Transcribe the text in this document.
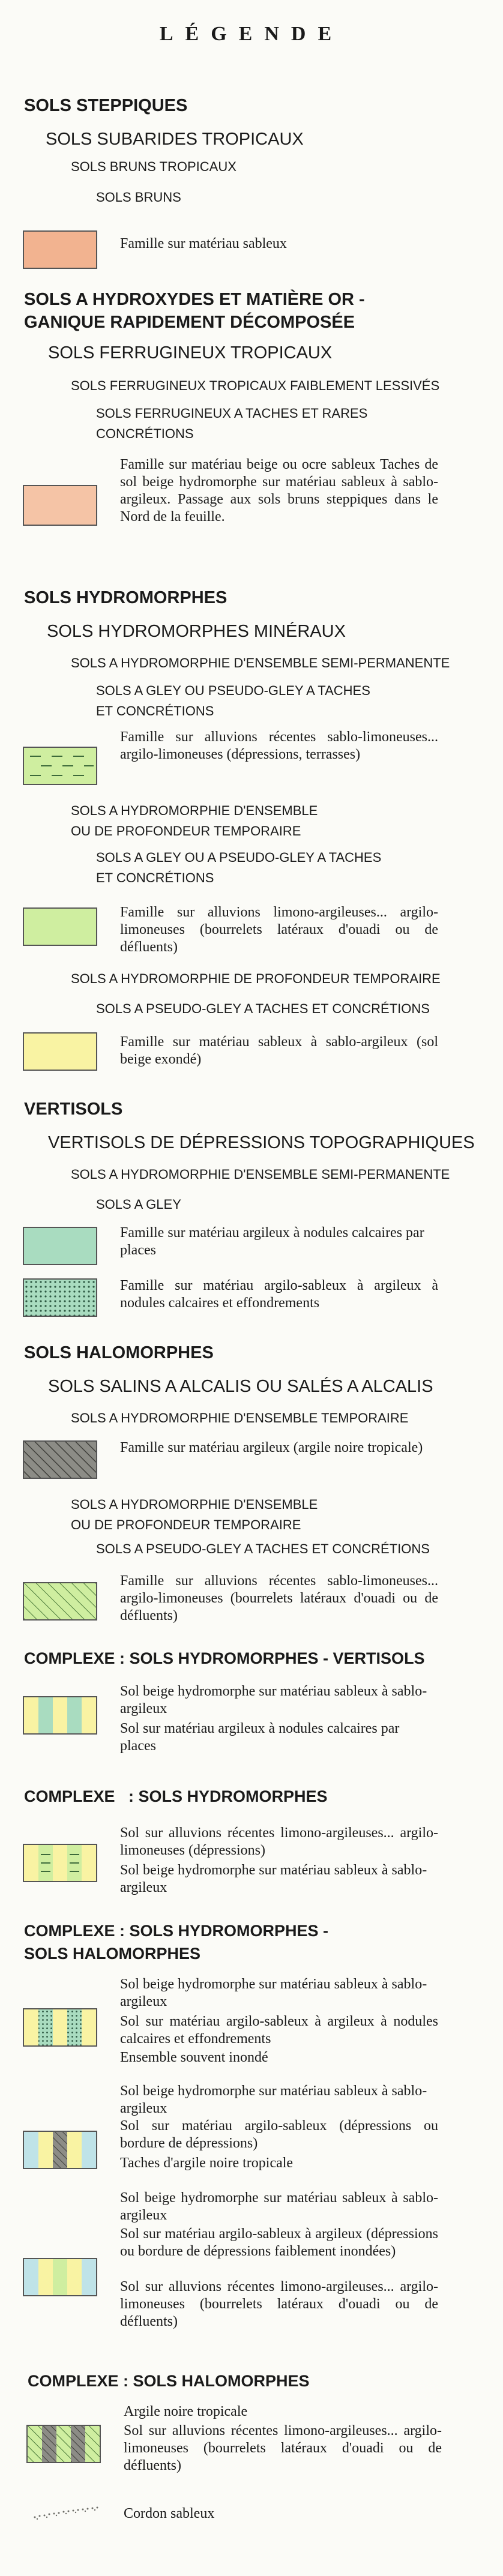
LÉGENDE
SOLS STEPPIQUES
SOLS SUBARIDES TROPICAUX
SOLS BRUNS TROPICAUX
SOLS BRUNS
Famille sur matériau sableux
SOLS A HYDROXYDES ET MATIÈRE OR -
GANIQUE RAPIDEMENT DÉCOMPOSÉE
SOLS FERRUGINEUX TROPICAUX
SOLS FERRUGINEUX TROPICAUX FAIBLEMENT LESSIVÉS
SOLS FERRUGINEUX A TACHES ET RARES
CONCRÉTIONS
Famille sur matériau beige ou ocre sableux Taches de sol beige hydromorphe sur matériau sableux à sablo-argileux. Passage aux sols bruns steppiques dans le Nord de la feuille.
SOLS HYDROMORPHES
SOLS HYDROMORPHES MINÉRAUX
SOLS A HYDROMORPHIE D'ENSEMBLE SEMI-PERMANENTE
SOLS A GLEY OU PSEUDO-GLEY A TACHES
ET CONCRÉTIONS
Famille sur alluvions récentes sablo-limoneuses... argilo-limoneuses (dépressions, terrasses)
SOLS A HYDROMORPHIE D'ENSEMBLE
OU DE PROFONDEUR TEMPORAIRE
SOLS A GLEY OU A PSEUDO-GLEY A TACHES
ET CONCRÉTIONS
Famille sur alluvions limono-argileuses... argilo-limoneuses (bourrelets latéraux d'ouadi ou de défluents)
SOLS A HYDROMORPHIE DE PROFONDEUR TEMPORAIRE
SOLS A PSEUDO-GLEY A TACHES ET CONCRÉTIONS
Famille sur matériau sableux à sablo-argileux (sol beige exondé)
VERTISOLS
VERTISOLS DE DÉPRESSIONS TOPOGRAPHIQUES
SOLS A HYDROMORPHIE D'ENSEMBLE SEMI-PERMANENTE
SOLS A GLEY
Famille sur matériau argileux à nodules calcaires par places
Famille sur matériau argilo-sableux à argileux à nodules calcaires et effondrements
SOLS HALOMORPHES
SOLS SALINS A ALCALIS OU SALÉS A ALCALIS
SOLS A HYDROMORPHIE D'ENSEMBLE TEMPORAIRE
Famille sur matériau argileux (argile noire tropicale)
SOLS A HYDROMORPHIE D'ENSEMBLE
OU DE PROFONDEUR TEMPORAIRE
SOLS A PSEUDO-GLEY A TACHES ET CONCRÉTIONS
Famille sur alluvions récentes sablo-limoneuses... argilo-limoneuses (bourrelets latéraux d'ouadi ou de défluents)
COMPLEXE : SOLS HYDROMORPHES - VERTISOLS
Sol beige hydromorphe sur matériau sableux à sablo-argileux
Sol sur matériau argileux à nodules calcaires par places
COMPLEXE   : SOLS HYDROMORPHES
Sol sur alluvions récentes limono-argileuses... argilo-limoneuses (dépressions)
Sol beige hydromorphe sur matériau sableux à sablo-argileux
COMPLEXE : SOLS HYDROMORPHES -
SOLS HALOMORPHES
Sol beige hydromorphe sur matériau sableux à sablo-argileux
Sol sur matériau argilo-sableux à argileux à nodules calcaires et effondrements
Ensemble souvent inondé
Sol beige hydromorphe sur matériau sableux à sablo-argileux
Sol sur matériau argilo-sableux (dépressions ou bordure de dépressions)
Taches d'argile noire tropicale
Sol beige hydromorphe sur matériau sableux à sablo-argileux
Sol sur matériau argilo-sableux à argileux (dépressions ou bordure de dépressions faiblement inondées)
Sol sur alluvions récentes limono-argileuses... argilo-limoneuses (bourrelets latéraux d'ouadi ou de défluents)
COMPLEXE : SOLS HALOMORPHES
Argile noire tropicale
Sol sur alluvions récentes limono-argileuses... argilo-limoneuses (bourrelets latéraux d'ouadi ou de défluents)
Cordon sableux
